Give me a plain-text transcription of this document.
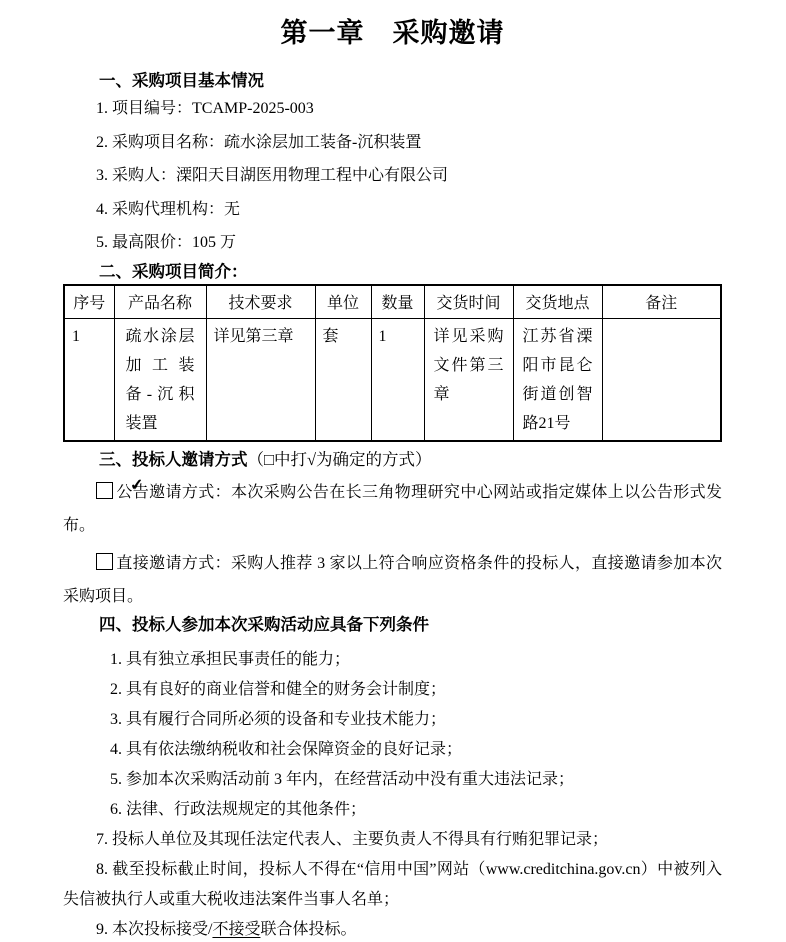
第一章　采购邀请
一、采购项目基本情况
1. 项目编号：TCAMP-2025-003
2. 采购项目名称：疏水涂层加工装备-沉积装置
3. 采购人：溧阳天目湖医用物理工程中心有限公司
4. 采购代理机构：无
5. 最高限价：105 万
二、采购项目简介：
序号	产品名称	技术要求	单位	数量	交货时间	交货地点	备注
1	疏水涂层加工装备-沉积装置	详见第三章	套	1	详见采购文件第三章	江苏省溧阳市昆仑街道创智路21号	
三、投标人邀请方式（□中打√为确定的方式）
✓公告邀请方式：本次采购公告在长三角物理研究中心网站或指定媒体上以公告形式发布。
直接邀请方式：采购人推荐 3 家以上符合响应资格条件的投标人，直接邀请参加本次采购项目。
四、投标人参加本次采购活动应具备下列条件
1. 具有独立承担民事责任的能力；
2. 具有良好的商业信誉和健全的财务会计制度；
3. 具有履行合同所必须的设备和专业技术能力；
4. 具有依法缴纳税收和社会保障资金的良好记录；
5. 参加本次采购活动前 3 年内，在经营活动中没有重大违法记录；
6. 法律、行政法规规定的其他条件；
7. 投标人单位及其现任法定代表人、主要负责人不得具有行贿犯罪记录；
8. 截至投标截止时间，投标人不得在“信用中国”网站（www.creditchina.gov.cn）中被列入失信被执行人或重大税收违法案件当事人名单；
9. 本次投标接受/不接受联合体投标。
